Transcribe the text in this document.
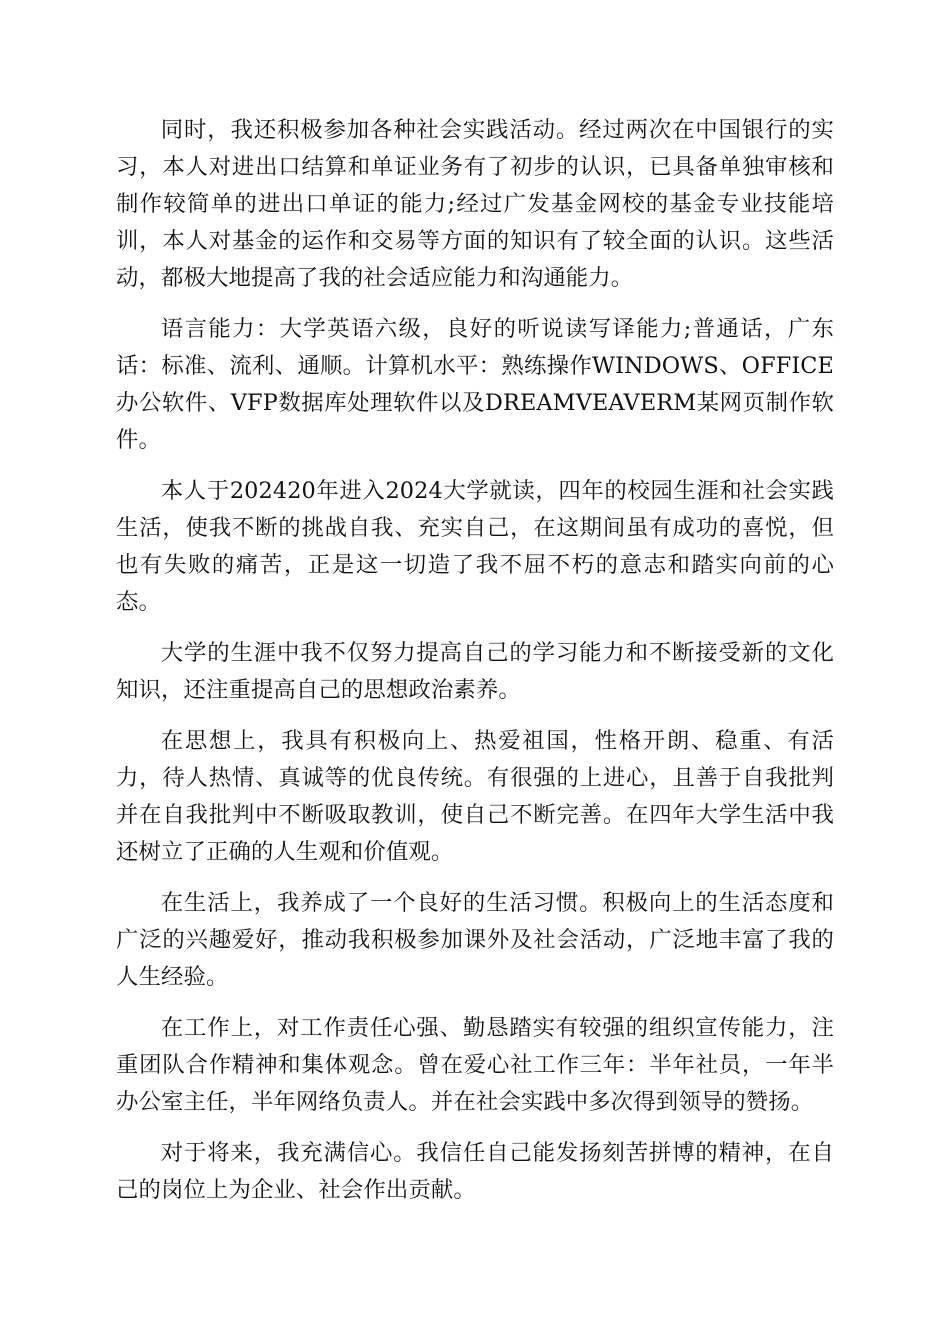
同时，我还积极参加各种社会实践活动。经过两次在中国银行的实习，本人对进出口结算和单证业务有了初步的认识，已具备单独审核和制作较简单的进出口单证的能力;经过广发基金网校的基金专业技能培训，本人对基金的运作和交易等方面的知识有了较全面的认识。这些活动，都极大地提高了我的社会适应能力和沟通能力。

语言能力：大学英语六级，良好的听说读写译能力;普通话，广东话：标准、流利、通顺。计算机水平：熟练操作WINDOWS、OFFICE办公软件、VFP数据库处理软件以及DREAMVEAVERM某网页制作软件。

本人于202420年进入2024大学就读，四年的校园生涯和社会实践生活，使我不断的挑战自我、充实自己，在这期间虽有成功的喜悦，但也有失败的痛苦，正是这一切造了我不屈不朽的意志和踏实向前的心态。

大学的生涯中我不仅努力提高自己的学习能力和不断接受新的文化知识，还注重提高自己的思想政治素养。

在思想上，我具有积极向上、热爱祖国，性格开朗、稳重、有活力，待人热情、真诚等的优良传统。有很强的上进心，且善于自我批判并在自我批判中不断吸取教训，使自己不断完善。在四年大学生活中我还树立了正确的人生观和价值观。

在生活上，我养成了一个良好的生活习惯。积极向上的生活态度和广泛的兴趣爱好，推动我积极参加课外及社会活动，广泛地丰富了我的人生经验。

在工作上，对工作责任心强、勤恳踏实有较强的组织宣传能力，注重团队合作精神和集体观念。曾在爱心社工作三年：半年社员，一年半办公室主任，半年网络负责人。并在社会实践中多次得到领导的赞扬。

对于将来，我充满信心。我信任自己能发扬刻苦拼博的精神，在自己的岗位上为企业、社会作出贡献。
